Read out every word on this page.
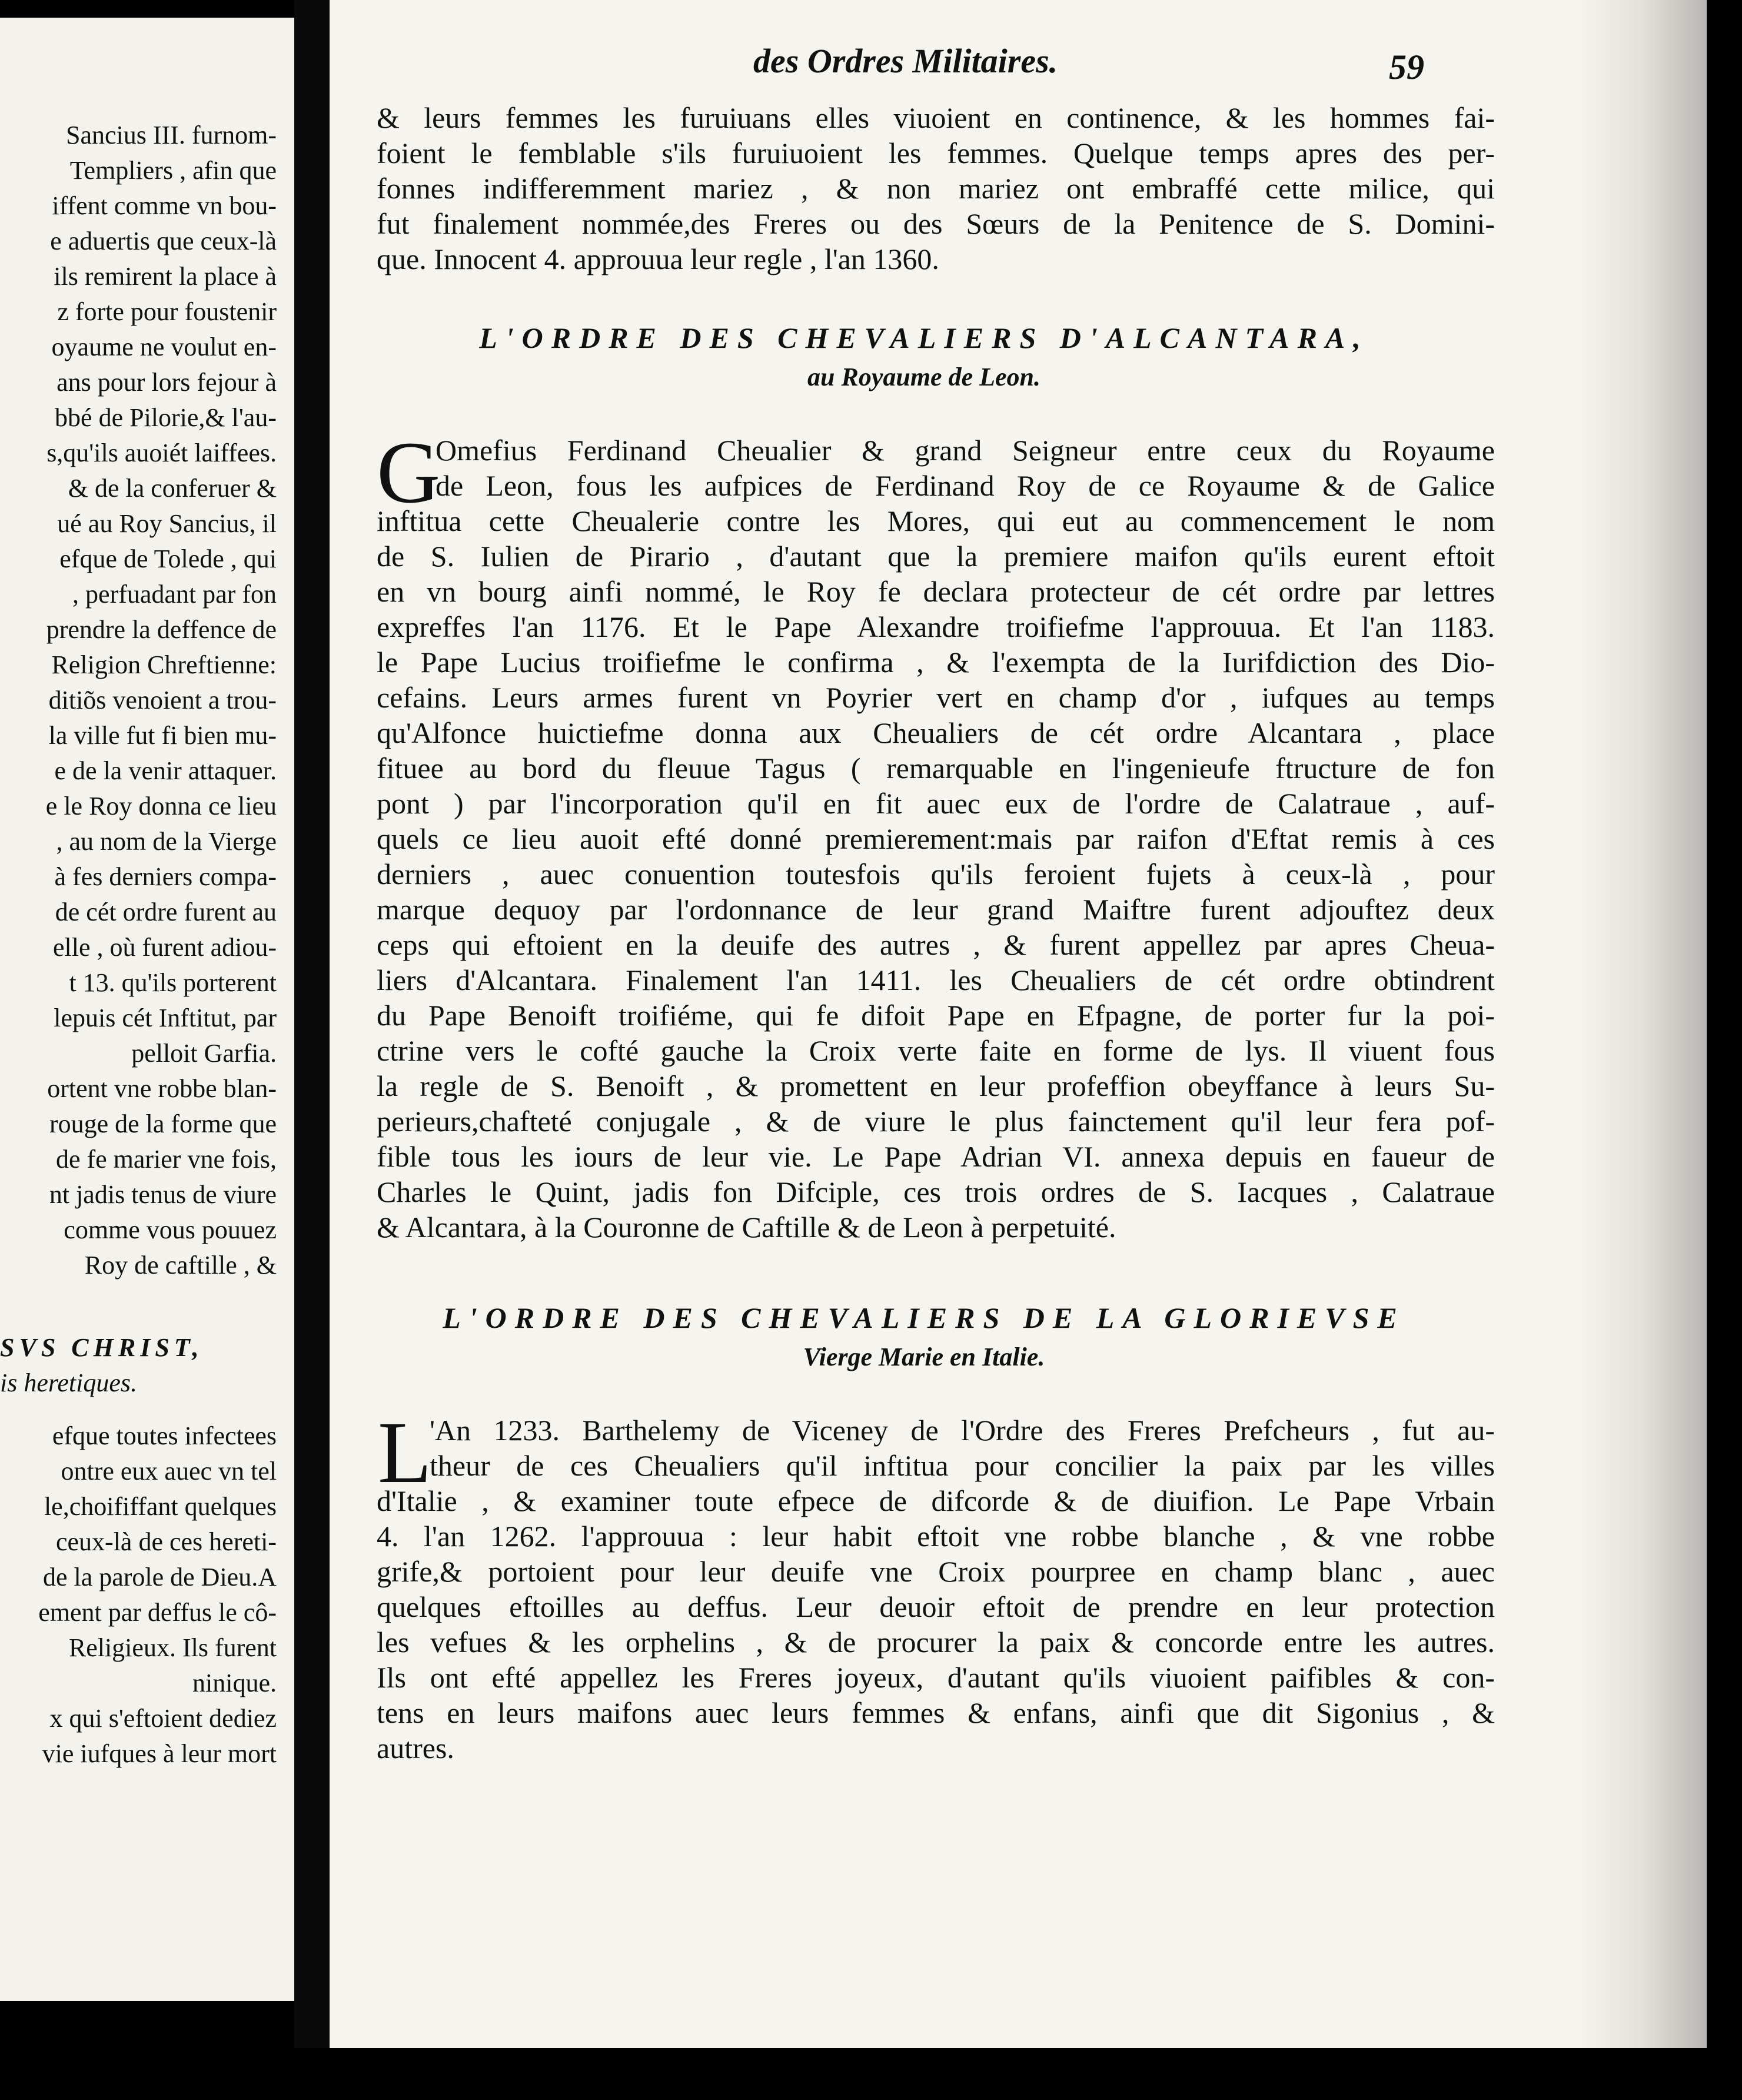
Sancius III. furnom-
Templiers , afin que
iffent comme vn bou-
e aduertis que ceux-là
ils remirent la place à
z forte pour foustenir
oyaume ne voulut en-
ans pour lors fejour à
bbé de Pilorie,& l'au-
s,qu'ils auoiét laiffees.
& de la conferuer &
ué au Roy Sancius, il
efque de Tolede , qui
, perfuadant par fon
prendre la deffence de
Religion Chreftienne:
ditiõs venoient a trou-
la ville fut fi bien mu-
e de la venir attaquer.
e le Roy donna ce lieu
, au nom de la Vierge
à fes derniers compa-
de cét ordre furent au
elle , où furent adiou-
t 13. qu'ils porterent
lepuis cét Inftitut, par
pelloit Garfia.
ortent vne robbe blan-
rouge de la forme que
de fe marier vne fois,
nt jadis tenus de viure
comme vous pouuez
Roy de caftille , &
SVS CHRIST,
is heretiques.
efque toutes infectees
ontre eux auec vn tel
le,choififfant quelques
ceux-là de ces hereti-
de la parole de Dieu.A
ement par deffus le cô-
Religieux. Ils furent
ninique.
x qui s'eftoient dediez
vie iufques à leur mort
des Ordres Militaires.	59
& leurs femmes les furuiuans elles viuoient en continence, & les hommes fai-
foient le femblable s'ils furuiuoient les femmes. Quelque temps apres des per-
fonnes indifferemment mariez , & non mariez ont embraffé cette milice, qui
fut finalement nommée,des Freres ou des Sœurs de la Penitence de S. Domini-
que. Innocent 4. approuua leur regle , l'an 1360.
L'ORDRE DES CHEVALIERS D'ALCANTARA,
au Royaume de Leon.
G
Omefius Ferdinand Cheualier & grand Seigneur entre ceux du Royaume
de Leon, fous les aufpices de Ferdinand Roy de ce Royaume & de Galice
inftitua cette Cheualerie contre les Mores, qui eut au commencement le nom
de S. Iulien de Pirario , d'autant que la premiere maifon qu'ils eurent eftoit
en vn bourg ainfi nommé, le Roy fe declara protecteur de cét ordre par lettres
expreffes l'an 1176. Et le Pape Alexandre troifiefme l'approuua. Et l'an 1183.
le Pape Lucius troifiefme le confirma , & l'exempta de la Iurifdiction des Dio-
cefains. Leurs armes furent vn Poyrier vert en champ d'or , iufques au temps
qu'Alfonce huictiefme donna aux Cheualiers de cét ordre Alcantara , place
fituee au bord du fleuue Tagus ( remarquable en l'ingenieufe ftructure de fon
pont ) par l'incorporation qu'il en fit auec eux de l'ordre de Calatraue , auf-
quels ce lieu auoit efté donné premierement:mais par raifon d'Eftat remis à ces
derniers , auec conuention toutesfois qu'ils feroient fujets à ceux-là , pour
marque dequoy par l'ordonnance de leur grand Maiftre furent adjouftez deux
ceps qui eftoient en la deuife des autres , & furent appellez par apres Cheua-
liers d'Alcantara. Finalement l'an 1411. les Cheualiers de cét ordre obtindrent
du Pape Benoift troifiéme, qui fe difoit Pape en Efpagne, de porter fur la poi-
ctrine vers le cofté gauche la Croix verte faite en forme de lys. Il viuent fous
la regle de S. Benoift , & promettent en leur profeffion obeyffance à leurs Su-
perieurs,chafteté conjugale , & de viure le plus fainctement qu'il leur fera pof-
fible tous les iours de leur vie. Le Pape Adrian VI. annexa depuis en faueur de
Charles le Quint, jadis fon Difciple, ces trois ordres de S. Iacques , Calatraue
& Alcantara, à la Couronne de Caftille & de Leon à perpetuité.
L'ORDRE DES CHEVALIERS DE LA GLORIEVSE
Vierge Marie en Italie.
L
'An 1233. Barthelemy de Viceney de l'Ordre des Freres Prefcheurs , fut au-
theur de ces Cheualiers qu'il inftitua pour concilier la paix par les villes
d'Italie , & examiner toute efpece de difcorde & de diuifion. Le Pape Vrbain
4. l'an 1262. l'approuua : leur habit eftoit vne robbe blanche , & vne robbe
grife,& portoient pour leur deuife vne Croix pourpree en champ blanc , auec
quelques eftoilles au deffus. Leur deuoir eftoit de prendre en leur protection
les vefues & les orphelins , & de procurer la paix & concorde entre les autres.
Ils ont efté appellez les Freres joyeux, d'autant qu'ils viuoient paifibles & con-
tens en leurs maifons auec leurs femmes & enfans, ainfi que dit Sigonius , &
autres.
